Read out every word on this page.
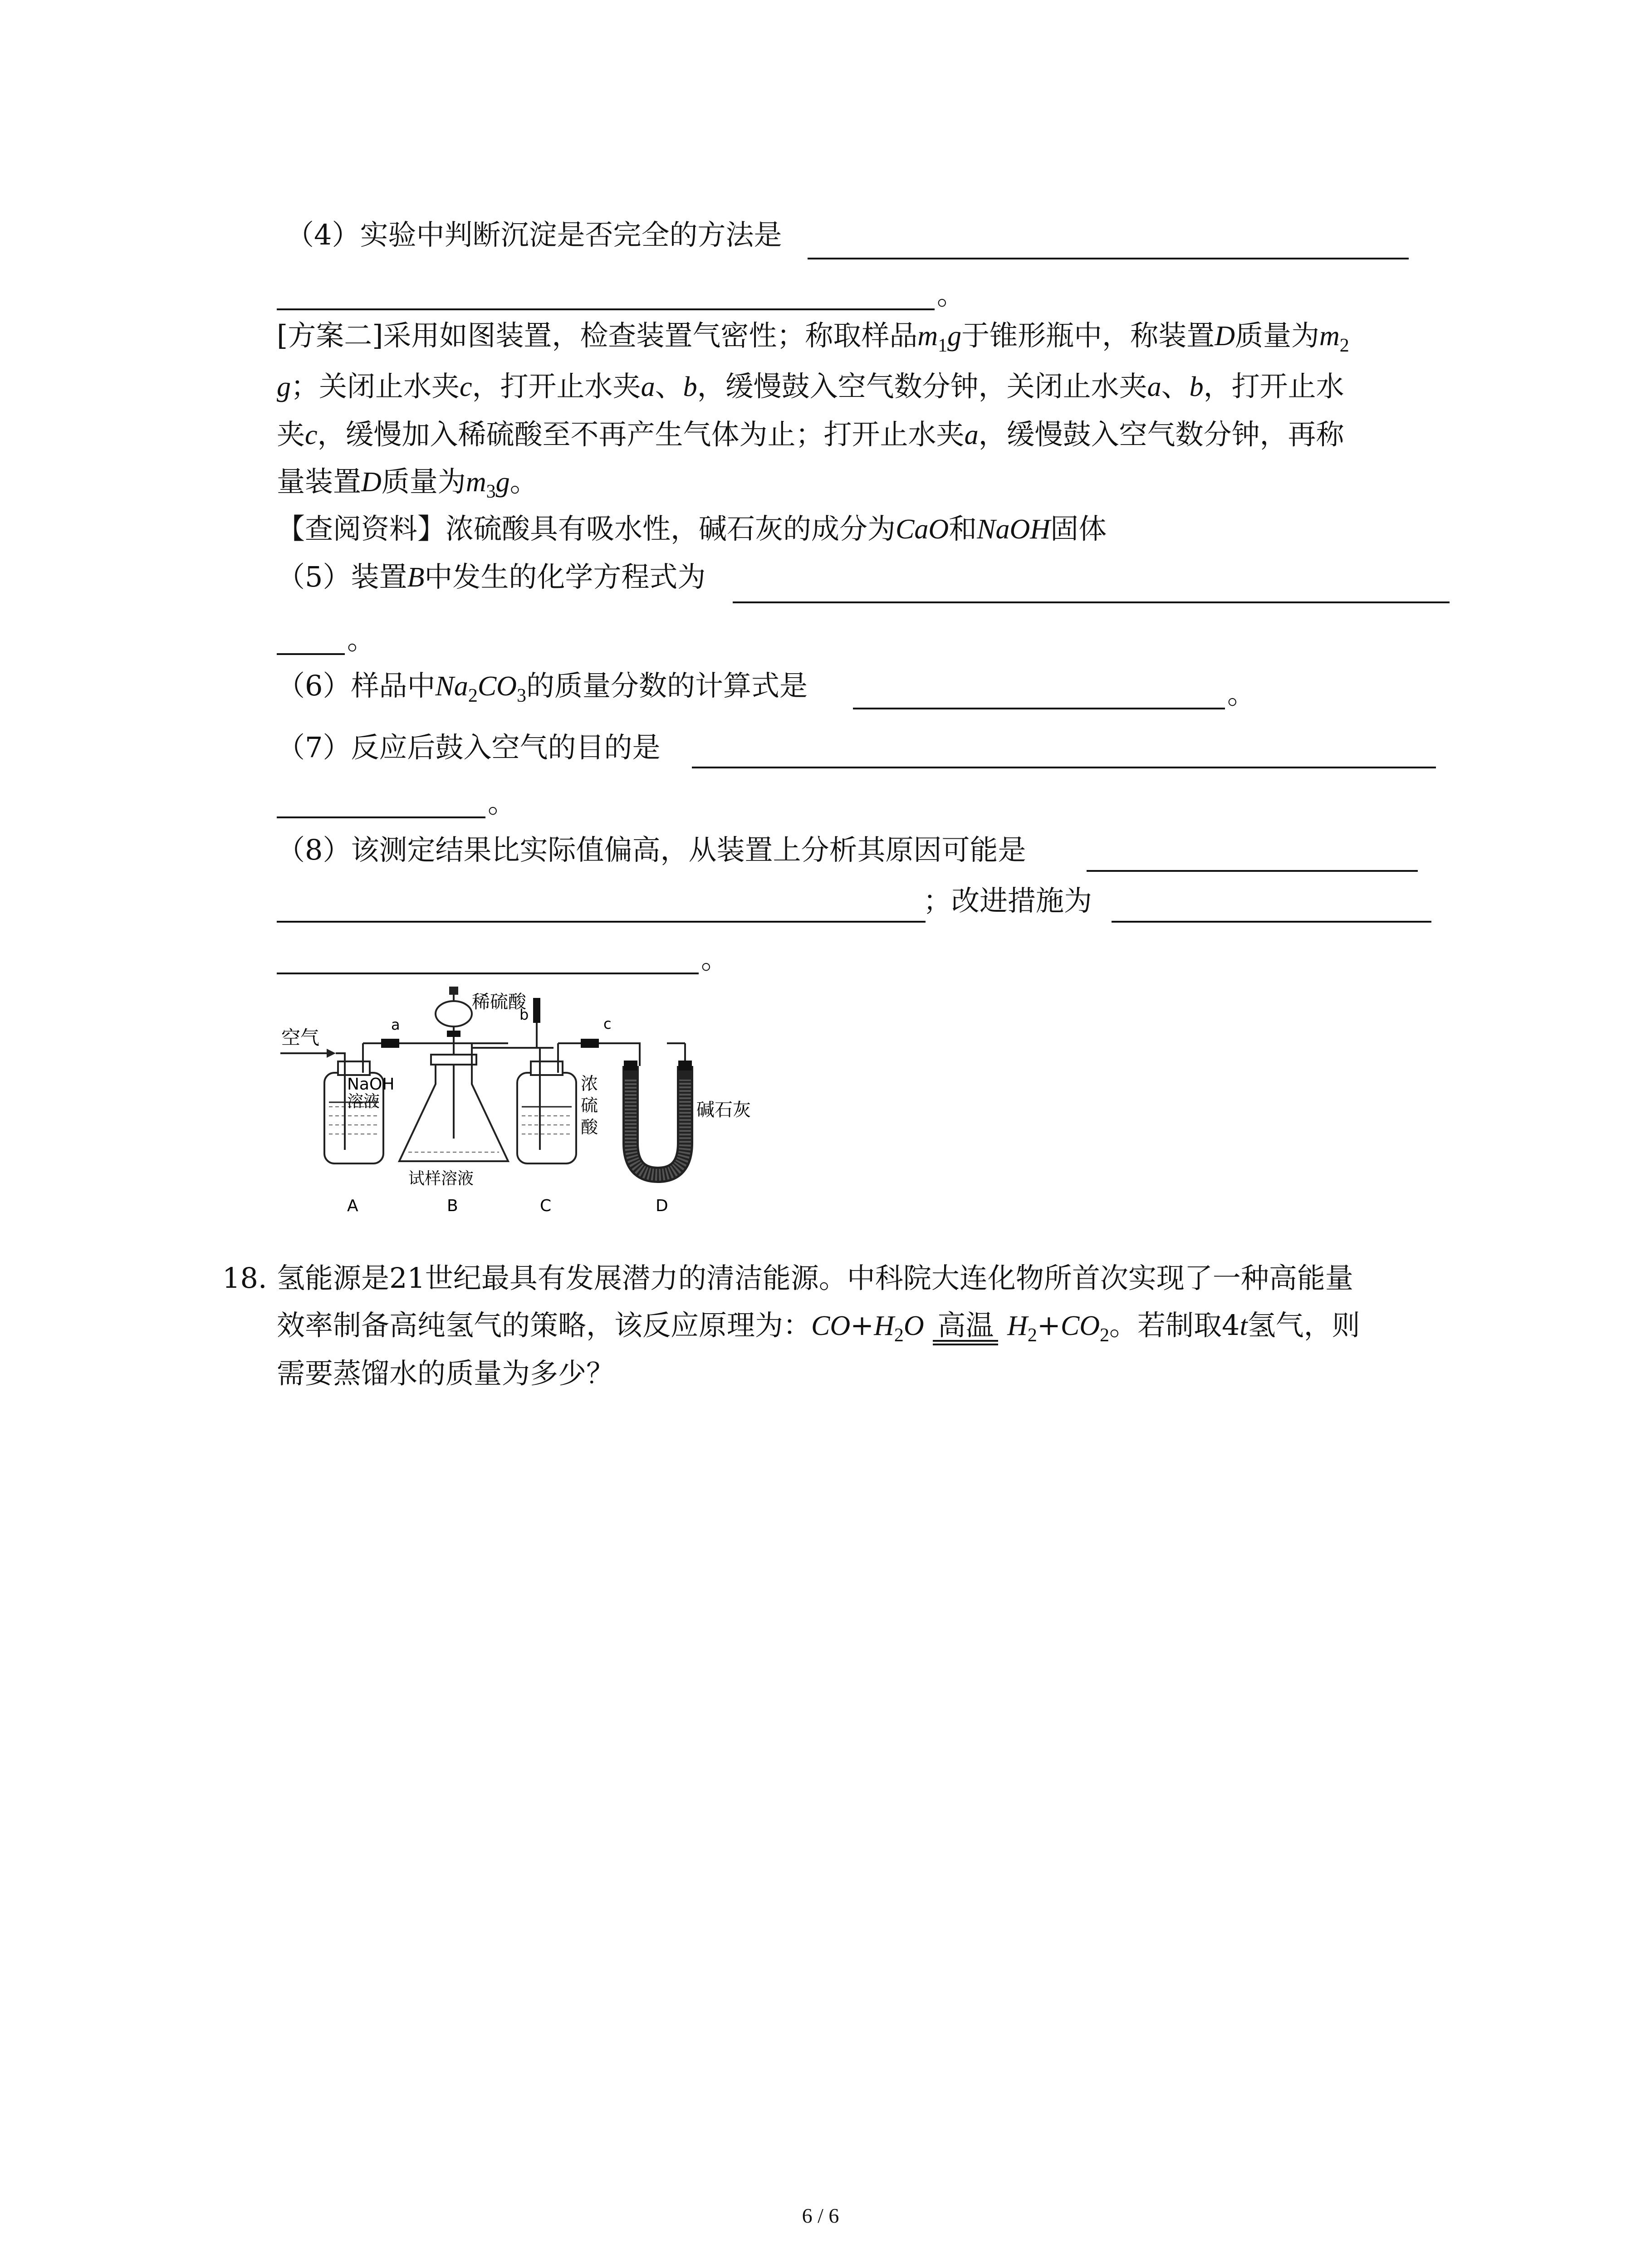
（4）实验中判断沉淀是否完全的方法是
。
[方案二]采用如图装置，检查装置气密性；称取样品$m_1g$于锥形瓶中，称装置D质量为$m_2$
g；关闭止水夹c，打开止水夹a、b，缓慢鼓入空气数分钟，关闭止水夹a、b，打开止水
夹c，缓慢加入稀硫酸至不再产生气体为止；打开止水夹a，缓慢鼓入空气数分钟，再称
量装置D质量为$m_3g$。
【查阅资料】浓硫酸具有吸水性，碱石灰的成分为CaO和NaOH固体
（5）装置B中发生的化学方程式为
。
（6）样品中$Na_2CO_3$的质量分数的计算式是	。
（7）反应后鼓入空气的目的是
。
（8）该测定结果比实际值偏高，从装置上分析其原因可能是
；改进措施为
。
空气
a
NaOH
溶液
稀硫酸
试样溶液
b
浓
硫
酸
c
碱石灰
A	B	C	D
18. 氢能源是21世纪最具有发展潜力的清洁能源。中科院大连化物所首次实现了一种高能量
效率制备高纯氢气的策略，该反应原理为：$CO+H_2O$ 高温 $H_2+CO_2$。若制取4t氢气，则
需要蒸馏水的质量为多少？
6 / 6
